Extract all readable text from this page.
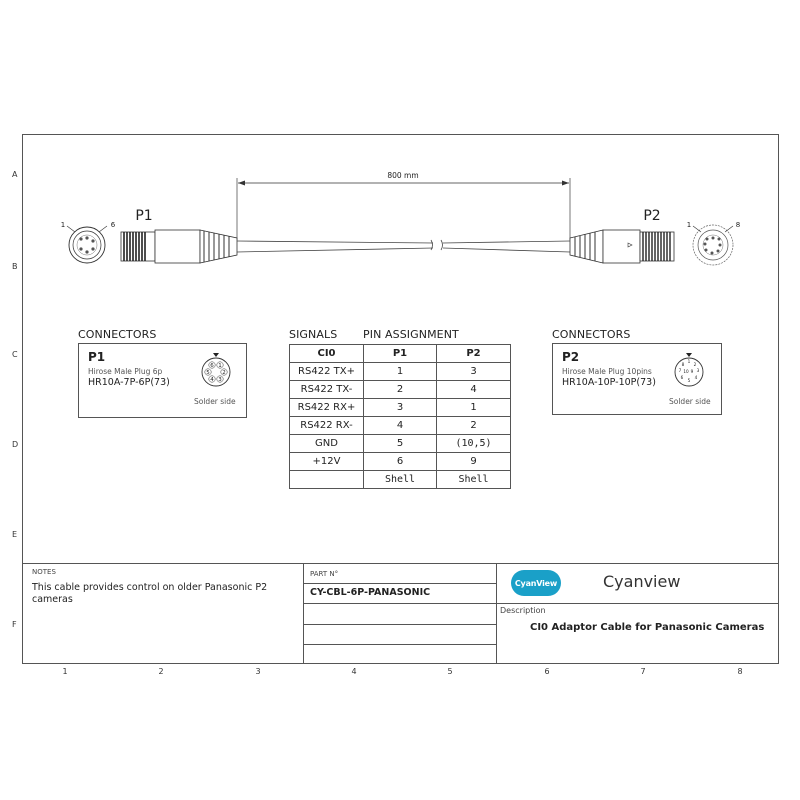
A
B
C
D
E
F
1	2	3	4	5	6	7	8
800 mm
1	6
P1	P2
1	8
CONNECTORS
P1
Hirose Male Plug 6p
HR10A-7P-6P(73)
6 1
5 2
4 3
Solder side
SIGNALS PIN ASSIGNMENT
CI0	P1	P2
RS422 TX+	1	3
RS422 TX-	2	4
RS422 RX+	3	1
RS422 RX-	4	2
GND	5	(10,5)
+12V	6	9
	Shell	Shell
CONNECTORS
P2
Hirose Male Plug 10pins
HR10A-10P-10P(73)
1
2
3
4
5
6
7
8
9
10
Solder side
NOTES
This cable provides control on older Panasonic P2 cameras
PART N°
CY-CBL-6P-PANASONIC
CyanView	Cyanview
Description
CI0 Adaptor Cable for Panasonic Cameras
